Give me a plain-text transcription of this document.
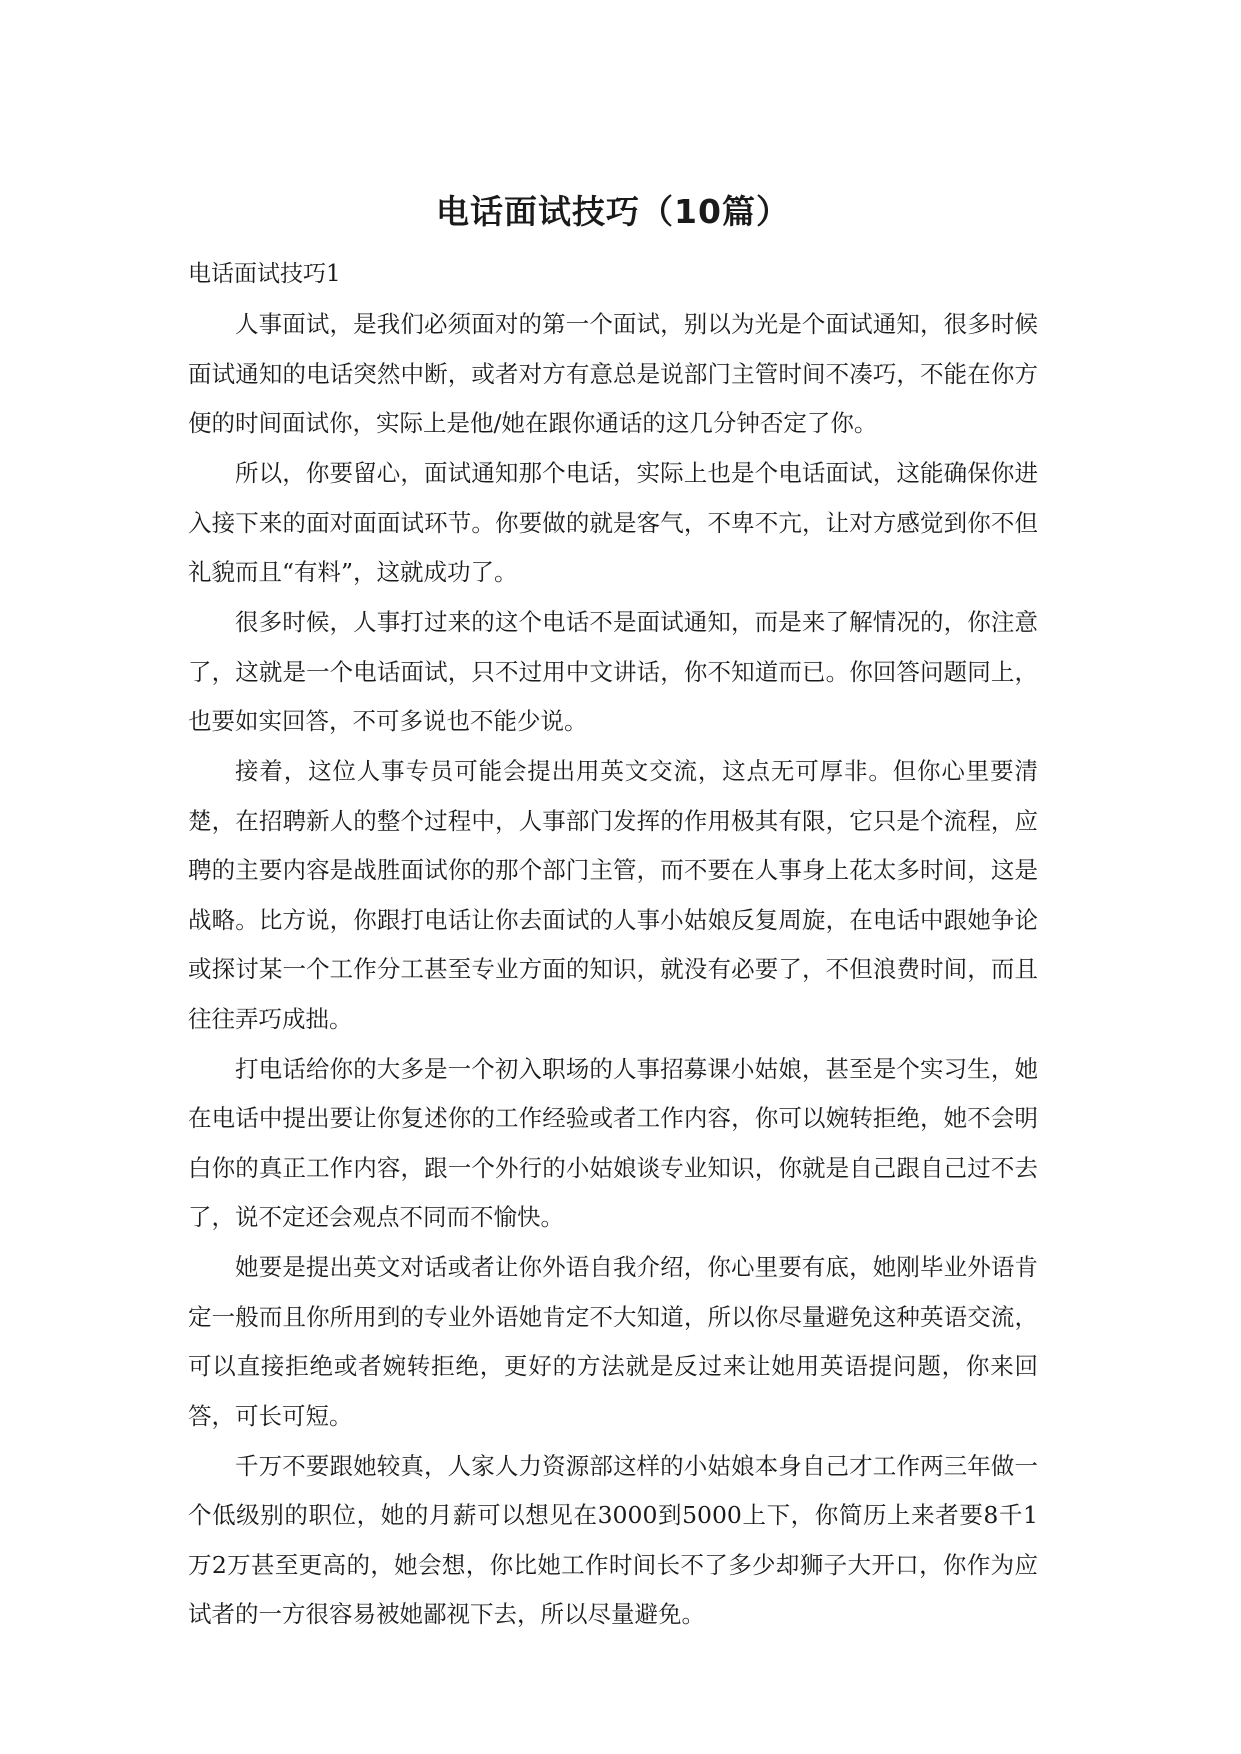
电话面试技巧（10篇）
电话面试技巧1

人事面试，是我们必须面对的第一个面试，别以为光是个面试通知，很多时候面试通知的电话突然中断，或者对方有意总是说部门主管时间不凑巧，不能在你方便的时间面试你，实际上是他/她在跟你通话的这几分钟否定了你。

所以，你要留心，面试通知那个电话，实际上也是个电话面试，这能确保你进入接下来的面对面面试环节。你要做的就是客气，不卑不亢，让对方感觉到你不但礼貌而且“有料”，这就成功了。

很多时候，人事打过来的这个电话不是面试通知，而是来了解情况的，你注意了，这就是一个电话面试，只不过用中文讲话，你不知道而已。你回答问题同上，也要如实回答，不可多说也不能少说。

接着，这位人事专员可能会提出用英文交流，这点无可厚非。但你心里要清楚，在招聘新人的整个过程中，人事部门发挥的作用极其有限，它只是个流程，应聘的主要内容是战胜面试你的那个部门主管，而不要在人事身上花太多时间，这是战略。比方说，你跟打电话让你去面试的人事小姑娘反复周旋，在电话中跟她争论或探讨某一个工作分工甚至专业方面的知识，就没有必要了，不但浪费时间，而且往往弄巧成拙。

打电话给你的大多是一个初入职场的人事招募课小姑娘，甚至是个实习生，她在电话中提出要让你复述你的工作经验或者工作内容，你可以婉转拒绝，她不会明白你的真正工作内容，跟一个外行的小姑娘谈专业知识，你就是自己跟自己过不去了，说不定还会观点不同而不愉快。

她要是提出英文对话或者让你外语自我介绍，你心里要有底，她刚毕业外语肯定一般而且你所用到的专业外语她肯定不大知道，所以你尽量避免这种英语交流，可以直接拒绝或者婉转拒绝，更好的方法就是反过来让她用英语提问题，你来回答，可长可短。

千万不要跟她较真，人家人力资源部这样的小姑娘本身自己才工作两三年做一个低级别的职位，她的月薪可以想见在3000到5000上下，你简历上来者要8千1万2万甚至更高的，她会想，你比她工作时间长不了多少却狮子大开口，你作为应试者的一方很容易被她鄙视下去，所以尽量避免。
